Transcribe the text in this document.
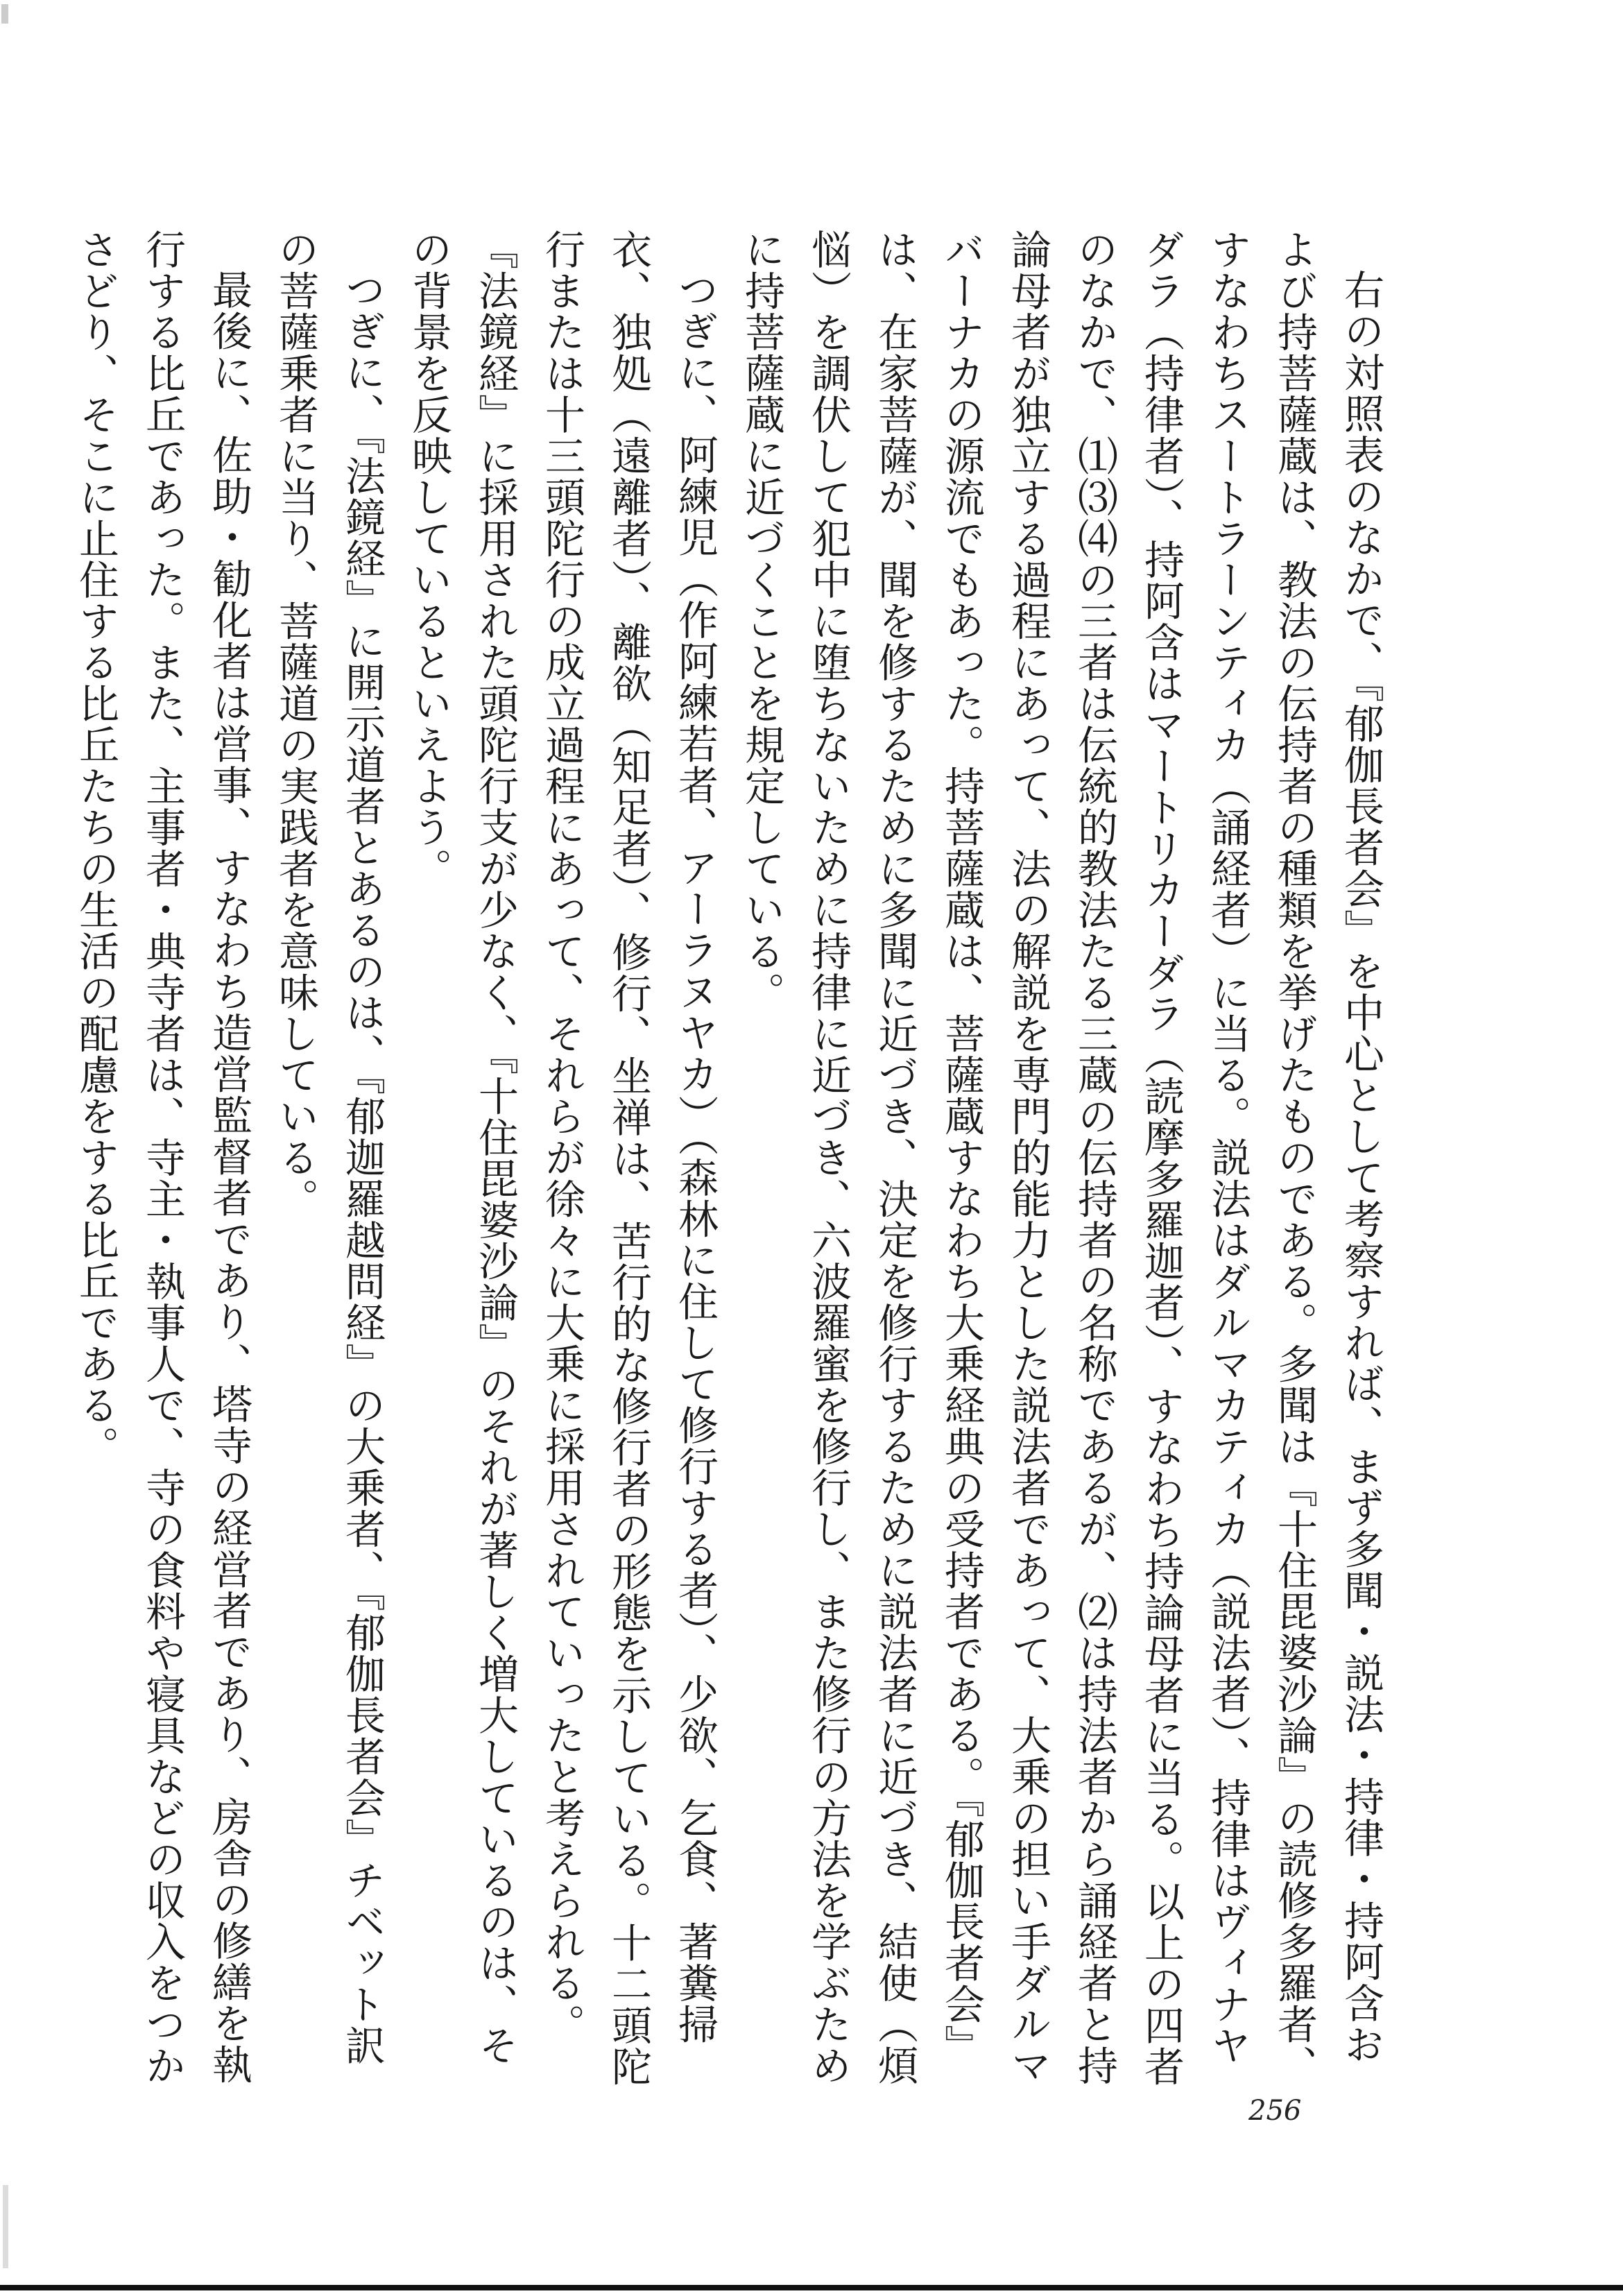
右の対照表のなかで、『郁伽長者会』を中心として考察すれば、まず多聞・説法・持律・持阿含および持菩薩蔵は、教法の伝持者の種類を挙げたものである。多聞は『十住毘婆沙論』の読修多羅者、すなわちスートラーンティカ（誦経者）に当る。説法はダルマカティカ（説法者）、持律はヴィナヤダラ（持律者）、持阿含はマートリカーダラ（読摩多羅迦者）、すなわち持論母者に当る。以上の四者のなかで、⑴⑶⑷の三者は伝統的教法たる三蔵の伝持者の名称であるが、⑵は持法者から誦経者と持論母者が独立する過程にあって、法の解説を専門的能力とした説法者であって、大乗の担い手ダルマバーナカの源流でもあった。持菩薩蔵は、菩薩蔵すなわち大乗経典の受持者である。『郁伽長者会』は、在家菩薩が、聞を修するために多聞に近づき、決定を修行するために説法者に近づき、結使（煩悩）を調伏して犯中に堕ちないために持律に近づき、六波羅蜜を修行し、また修行の方法を学ぶために持菩薩蔵に近づくことを規定している。

つぎに、阿練児（作阿練若者、アーラヌヤカ）（森林に住して修行する者）、少欲、乞食、著糞掃衣、独処（遠離者）、離欲（知足者）、修行、坐禅は、苦行的な修行者の形態を示している。十二頭陀行または十三頭陀行の成立過程にあって、それらが徐々に大乗に採用されていったと考えられる。『法鏡経』に採用された頭陀行支が少なく、『十住毘婆沙論』のそれが著しく増大しているのは、その背景を反映しているといえよう。

つぎに、『法鏡経』に開示道者とあるのは、『郁迦羅越問経』の大乗者、『郁伽長者会』チベット訳の菩薩乗者に当り、菩薩道の実践者を意味している。

最後に、佐助・勧化者は営事、すなわち造営監督者であり、塔寺の経営者であり、房舎の修繕を執行する比丘であった。また、主事者・典寺者は、寺主・執事人で、寺の食料や寝具などの収入をつかさどり、そこに止住する比丘たちの生活の配慮をする比丘である。

256
